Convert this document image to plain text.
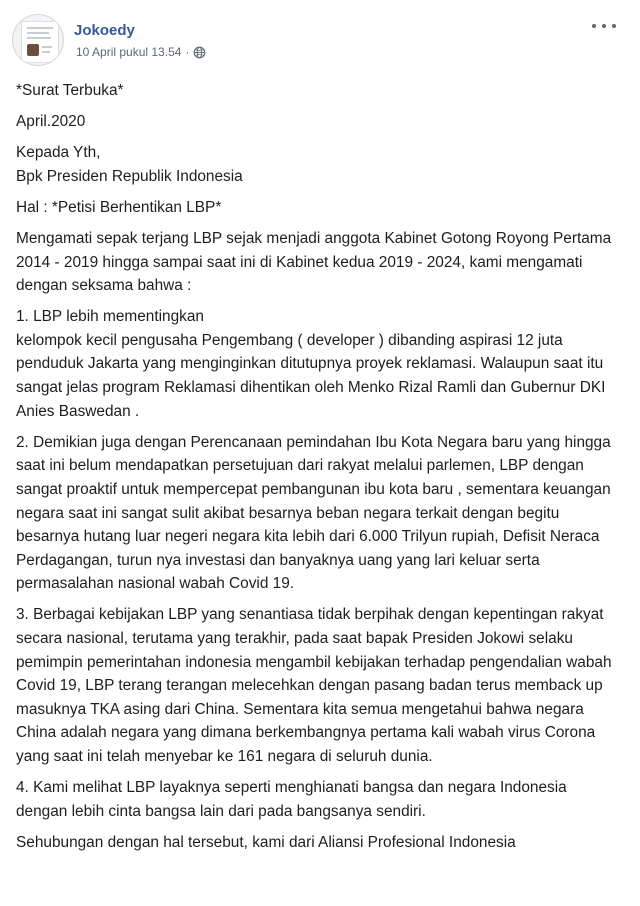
Jokoedy
10 April pukul 13.54 ·

*Surat Terbuka*

April.2020

Kepada Yth,
Bpk Presiden Republik Indonesia

Hal : *Petisi Berhentikan LBP*

Mengamati sepak terjang LBP sejak menjadi anggota Kabinet Gotong Royong Pertama 2014 - 2019 hingga sampai saat ini di Kabinet kedua 2019 - 2024, kami mengamati dengan seksama bahwa :

1. LBP lebih mementingkan
kelompok kecil pengusaha Pengembang ( developer ) dibanding aspirasi 12 juta penduduk Jakarta yang menginginkan ditutupnya proyek reklamasi. Walaupun saat itu sangat jelas program Reklamasi dihentikan oleh Menko Rizal Ramli dan Gubernur DKI Anies Baswedan .

2. Demikian juga dengan Perencanaan pemindahan Ibu Kota Negara baru yang hingga saat ini belum mendapatkan persetujuan dari rakyat melalui parlemen, LBP dengan sangat proaktif untuk mempercepat pembangunan ibu kota baru , sementara keuangan negara saat ini sangat sulit akibat besarnya beban negara terkait dengan begitu besarnya hutang luar negeri negara kita lebih dari 6.000 Trilyun rupiah, Defisit Neraca Perdagangan, turun nya investasi dan banyaknya uang yang lari keluar serta permasalahan nasional wabah Covid 19.

3. Berbagai kebijakan LBP yang senantiasa tidak berpihak dengan kepentingan rakyat secara nasional, terutama yang terakhir, pada saat bapak Presiden Jokowi selaku pemimpin pemerintahan indonesia mengambil kebijakan terhadap pengendalian wabah Covid 19, LBP terang terangan melecehkan dengan pasang badan terus memback up masuknya TKA asing dari China. Sementara kita semua mengetahui bahwa negara China adalah negara yang dimana berkembangnya pertama kali wabah virus Corona yang saat ini telah menyebar ke 161 negara di seluruh dunia.

4. Kami melihat LBP layaknya seperti menghianati bangsa dan negara Indonesia dengan lebih cinta bangsa lain dari pada bangsanya sendiri.

Sehubungan dengan hal tersebut, kami dari Aliansi Profesional Indonesia
